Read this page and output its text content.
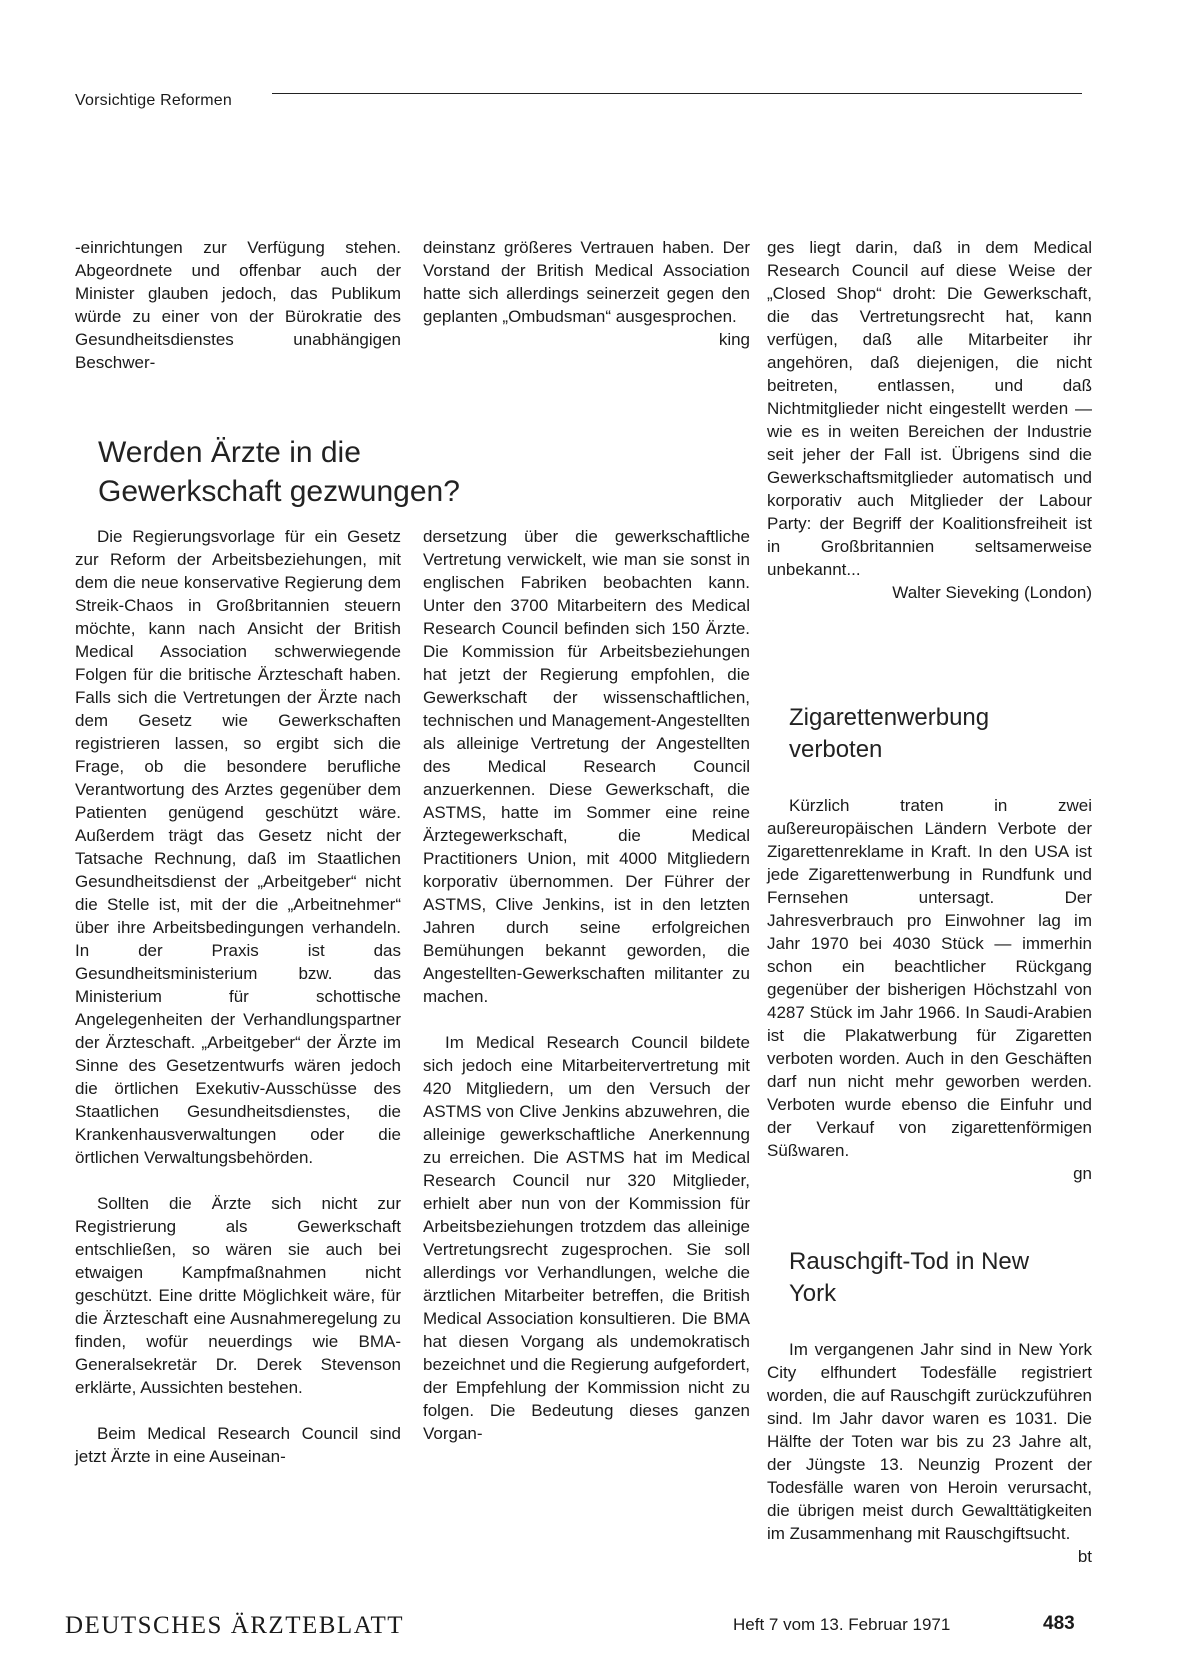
Vorsichtige Reformen

-einrichtungen zur Verfügung stehen. Abgeordnete und offenbar auch der Minister glauben jedoch, das Publikum würde zu einer von der Bürokratie des Gesundheitsdienstes unabhängigen Beschwer-

deinstanz größeres Vertrauen haben. Der Vorstand der British Medical Association hatte sich allerdings seinerzeit gegen den geplanten „Ombudsman“ ausgesprochen.

king
Werden Ärzte in die Gewerkschaft gezwungen?

Die Regierungsvorlage für ein Gesetz zur Reform der Arbeitsbeziehungen, mit dem die neue konservative Regierung dem Streik-Chaos in Großbritannien steuern möchte, kann nach Ansicht der British Medical Association schwerwiegende Folgen für die britische Ärzteschaft haben. Falls sich die Vertretungen der Ärzte nach dem Gesetz wie Gewerkschaften registrieren lassen, so ergibt sich die Frage, ob die besondere berufliche Verantwortung des Arztes gegenüber dem Patienten genügend geschützt wäre. Außerdem trägt das Gesetz nicht der Tatsache Rechnung, daß im Staatlichen Gesundheitsdienst der „Arbeitgeber“ nicht die Stelle ist, mit der die „Arbeitnehmer“ über ihre Arbeitsbedingungen verhandeln. In der Praxis ist das Gesundheitsministerium bzw. das Ministerium für schottische Angelegenheiten der Verhandlungspartner der Ärzteschaft. „Arbeitgeber“ der Ärzte im Sinne des Gesetzentwurfs wären jedoch die örtlichen Exekutiv-Ausschüsse des Staatlichen Gesundheitsdienstes, die Krankenhausverwaltungen oder die örtlichen Verwaltungsbehörden.

Sollten die Ärzte sich nicht zur Registrierung als Gewerkschaft entschließen, so wären sie auch bei etwaigen Kampfmaßnahmen nicht geschützt. Eine dritte Möglichkeit wäre, für die Ärzteschaft eine Ausnahmeregelung zu finden, wofür neuerdings wie BMA-Generalsekretär Dr. Derek Stevenson erklärte, Aussichten bestehen.

Beim Medical Research Council sind jetzt Ärzte in eine Auseinan-

dersetzung über die gewerkschaftliche Vertretung verwickelt, wie man sie sonst in englischen Fabriken beobachten kann. Unter den 3700 Mitarbeitern des Medical Research Council befinden sich 150 Ärzte. Die Kommission für Arbeitsbeziehungen hat jetzt der Regierung empfohlen, die Gewerkschaft der wissenschaftlichen, technischen und Management-Angestellten als alleinige Vertretung der Angestellten des Medical Research Council anzuerkennen. Diese Gewerkschaft, die ASTMS, hatte im Sommer eine reine Ärztegewerkschaft, die Medical Practitioners Union, mit 4000 Mitgliedern korporativ übernommen. Der Führer der ASTMS, Clive Jenkins, ist in den letzten Jahren durch seine erfolgreichen Bemühungen bekannt geworden, die Angestellten-Gewerkschaften militanter zu machen.

Im Medical Research Council bildete sich jedoch eine Mitarbeitervertretung mit 420 Mitgliedern, um den Versuch der ASTMS von Clive Jenkins abzuwehren, die alleinige gewerkschaftliche Anerkennung zu erreichen. Die ASTMS hat im Medical Research Council nur 320 Mitglieder, erhielt aber nun von der Kommission für Arbeitsbeziehungen trotzdem das alleinige Vertretungsrecht zugesprochen. Sie soll allerdings vor Verhandlungen, welche die ärztlichen Mitarbeiter betreffen, die British Medical Association konsultieren. Die BMA hat diesen Vorgang als undemokratisch bezeichnet und die Regierung aufgefordert, der Empfehlung der Kommission nicht zu folgen. Die Bedeutung dieses ganzen Vorgan-

ges liegt darin, daß in dem Medical Research Council auf diese Weise der „Closed Shop“ droht: Die Gewerkschaft, die das Vertretungsrecht hat, kann verfügen, daß alle Mitarbeiter ihr angehören, daß diejenigen, die nicht beitreten, entlassen, und daß Nichtmitglieder nicht eingestellt werden — wie es in weiten Bereichen der Industrie seit jeher der Fall ist. Übrigens sind die Gewerkschaftsmitglieder automatisch und korporativ auch Mitglieder der Labour Party: der Begriff der Koalitionsfreiheit ist in Großbritannien seltsamerweise unbekannt...

Walter Sieveking (London)
Zigarettenwerbung verboten

Kürzlich traten in zwei außereuropäischen Ländern Verbote der Zigarettenreklame in Kraft. In den USA ist jede Zigarettenwerbung in Rundfunk und Fernsehen untersagt. Der Jahresverbrauch pro Einwohner lag im Jahr 1970 bei 4030 Stück — immerhin schon ein beachtlicher Rückgang gegenüber der bisherigen Höchstzahl von 4287 Stück im Jahr 1966. In Saudi-Arabien ist die Plakatwerbung für Zigaretten verboten worden. Auch in den Geschäften darf nun nicht mehr geworben werden. Verboten wurde ebenso die Einfuhr und der Verkauf von zigarettenförmigen Süßwaren.

gn
Rauschgift-Tod in New York

Im vergangenen Jahr sind in New York City elfhundert Todesfälle registriert worden, die auf Rauschgift zurückzuführen sind. Im Jahr davor waren es 1031. Die Hälfte der Toten war bis zu 23 Jahre alt, der Jüngste 13. Neunzig Prozent der Todesfälle waren von Heroin verursacht, die übrigen meist durch Gewalttätigkeiten im Zusammenhang mit Rauschgiftsucht.

bt
DEUTSCHES ÄRZTEBLATT	Heft 7 vom 13. Februar 1971	483
